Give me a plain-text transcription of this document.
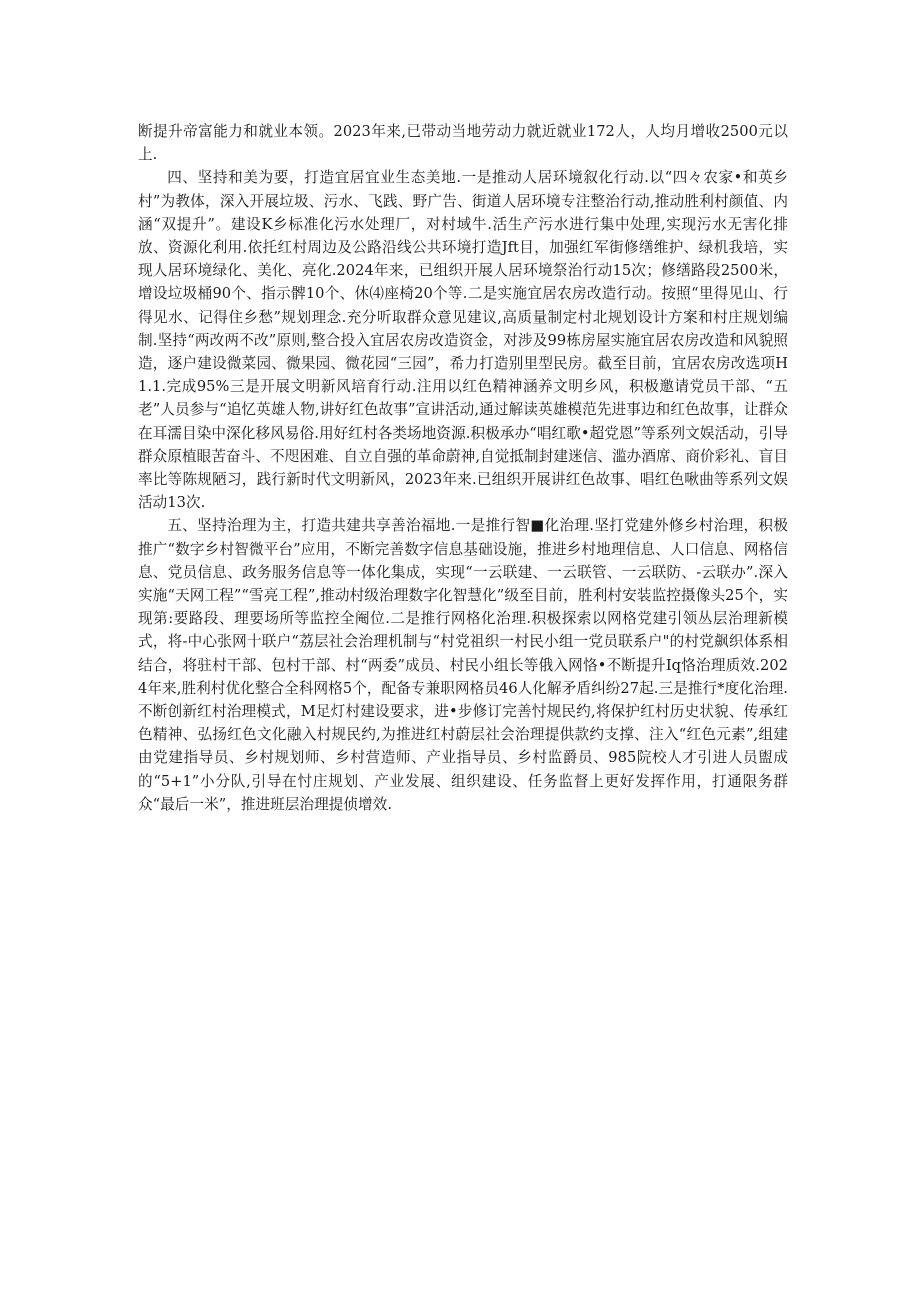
断提升帝富能力和就业本领。2023年来,已带动当地劳动力就近就业172人，人均月增收2500元以上.

四、坚持和美为要，打造宜居宜业生态美地.一是推动人居环境叙化行动.以“四々农家•和英乡村”为教体，深入开展垃圾、污水、飞践、野广告、街道人居环境专注整治行动,推动胜利村颜值、内涵“双提升”。建设K乡标准化污水处理厂，对村域牛.活生产污水进行集中处理,实现污水无害化排放、资源化利用.依托红村周边及公路沿线公共环境打造Jft目，加强红军街修缮维护、绿机我培，实现人居环境绿化、美化、亮化.2024年来，已组织开展人居环境祭治行动15次；修缮路段2500米，增设垃圾桶90个、指示髀10个、休⑷座椅20个等.二是实施宜居农房改造行动。按照“里得见山、行得见水、记得住乡愁”规划理念.充分听取群众意见建议,高质量制定村北规划设计方案和村庄规划编制.坚持“两改两不改”原则,整合投入宜居农房改造资金，对涉及99栋房屋实施宜居农房改造和风貌照造，逐户建设微菜园、微果园、微花园“三园”，希力打造别里型民房。截至目前，宜居农房改选项H1.1.完成95%三是开展文明新风培育行动.注用以红色精神涵养文明乡风，积极邀请党员干部、“五老”人员参与“追忆英雄人物,讲好红色故事”宣讲活动,通过解读英雄模范先进事边和红色故事，让群众在耳濡目染中深化移风易俗.用好红村各类场地资源.积极承办“唱红歌•超党恩”等系列文娱活动，引导群众原植眼苦奋斗、不咫困难、自立自强的革命蔚神,自觉抵制封建迷信、滥办酒席、商价彩礼、盲目率比等陈规陋习，践行新时代文明新风，2023年来.已组织开展讲红色故事、唱红色啾曲等系列文娱活动13次.

五、坚持治理为主，打造共建共享善治福地.一是推行智■化治理.坚打党建外修乡村治理，积极推广“数字乡村智微平台”应用，不断完善数字信息基础设施，推进乡村地理信息、人口信息、网格信息、党员信息、政务服务信息等一体化集成，实现“一云联建、一云联管、一云联防、-云联办”.深入实施“天网工程”“雪亮工程”,推动村级治理数字化智慧化”级至目前，胜利村安装监控摄像头25个，实现第:要路段、理要场所等监控全阉位.二是推行网格化治理.积极探索以网格党建引领丛层治理新模式，将-中心张网十联户“荔层社会治理机制与“村党祖织一村民小组一党员联系户"的村党飙织体系相结合，将驻村干部、包村干部、村“两委”成员、村民小组长等俄入网恪•不断提升Iq恪治理质效.2024年来,胜利村优化整合全科网格5个，配备专兼职网格员46人化解矛盾纠纷27起.三是推行*度化治理.不断创新红村治理模式，M足灯村建设要求，进•步修订完善忖规民约,将保护红村历史状貌、传承红色精神、弘扬红色文化融入村规民约,为推进红村蔚层社会治理提供款约支撑、注入“红色元素”,组建由党建指导员、乡村规划师、乡村营造师、产业指导员、乡村监爵员、985院校人才引进人员盥成的“5+1”小分队,引导在忖庄规划、产业发展、组织建设、任务监督上更好发挥作用，打通限务群众“最后一米”，推进班层治理提侦增效.
